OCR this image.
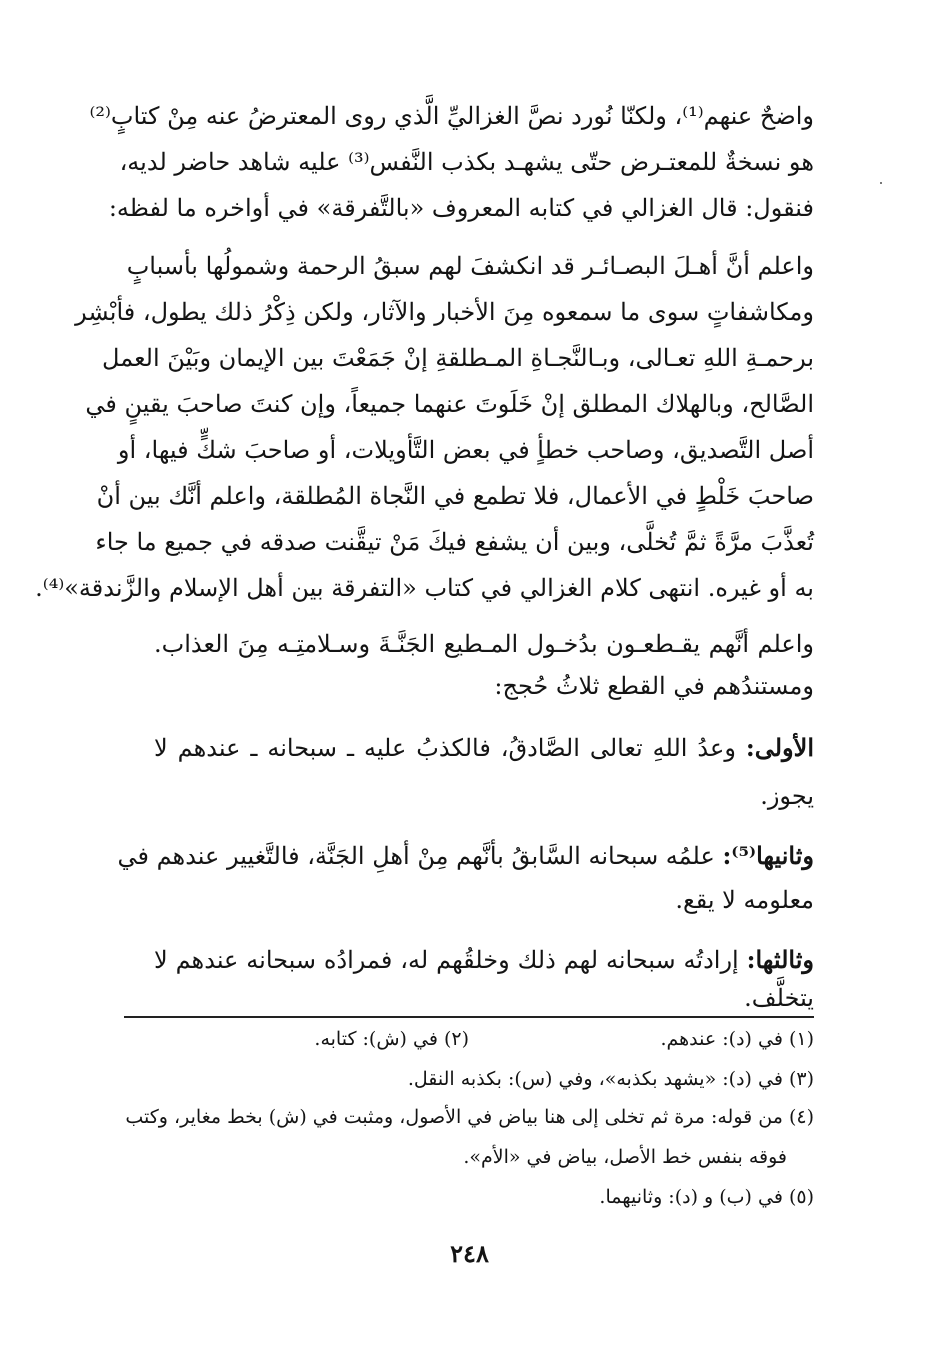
واضحٌ عنهم⁽¹⁾، ولكنّا نُورد نصَّ الغزاليِّ الَّذي روى المعترضُ عنه مِنْ كتابٍ⁽²⁾
هو نسخةٌ للمعتـرض حتّى يشهـد بكذب النَّفس⁽³⁾ عليه شاهد حاضر لديه،
فنقول: قال الغزالي في كتابه المعروف «بالتَّفرقة» في أواخره ما لفظه:
واعلم أنَّ أهـلَ البصـائـر قد انكشفَ لهم سبقُ الرحمة وشمولُها بأسبابٍ
ومكاشفاتٍ سوى ما سمعوه مِنَ الأخبار والآثار، ولكن ذِكْرُ ذلك يطول، فأبْشِر
برحمـةِ اللهِ تعـالى، وبـالنَّجـاةِ المـطلقةِ إنْ جَمَعْتَ بين الإيمان وبَيْنَ العمل
الصَّالح، وبالهلاك المطلق إنْ خَلَوتَ عنهما جميعاً، وإن كنتَ صاحبَ يقينٍ في
أصل التَّصديق، وصاحب خطأٍ في بعض التَّأويلات، أو صاحبَ شكٍّ فيها، أو
صاحبَ خَلْطٍ في الأعمال، فلا تطمع في النَّجاة المُطلقة، واعلم أنَّك بين أنْ
تُعذَّبَ مرَّةً ثمَّ تُخلَّى، وبين أن يشفع فيكَ مَنْ تيقَّنت صدقه في جميع ما جاء
به أو غيره. انتهى كلام الغزالي في كتاب «التفرقة بين أهل الإسلام والزَّندقة»⁽⁴⁾.
واعلم أنَّهم يقـطعـون بدُخـول المـطيع الجَنَّـةَ وسـلامتِـه مِنَ العذاب.
ومستندُهم في القطع ثلاثُ حُجج:
الأولى: وعدُ اللهِ تعالى الصَّادقُ، فالكذبُ عليه ـ سبحانه ـ عندهم لا
يجوز.
وثانيها⁽⁵⁾: علمُه سبحانه السَّابقُ بأنَّهم مِنْ أهلِ الجَنَّة، فالتَّغيير عندهم في
معلومه لا يقع.
وثالثها: إرادتُه سبحانه لهم ذلك وخلقُهم له، فمرادُه سبحانه عندهم لا
يتخلَّف.
(١) في (د): عندهم.
(٢) في (ش): كتابه.
(٣) في (د): «يشهد بكذبه»، وفي (س): بكذبه النقل.
(٤) من قوله: مرة ثم تخلى إلى هنا بياض في الأصول، ومثبت في (ش) بخط مغاير، وكتب
فوقه بنفس خط الأصل، بياض في «الأم».
(٥) في (ب) و (د): وثانيهما.
٢٤٨
